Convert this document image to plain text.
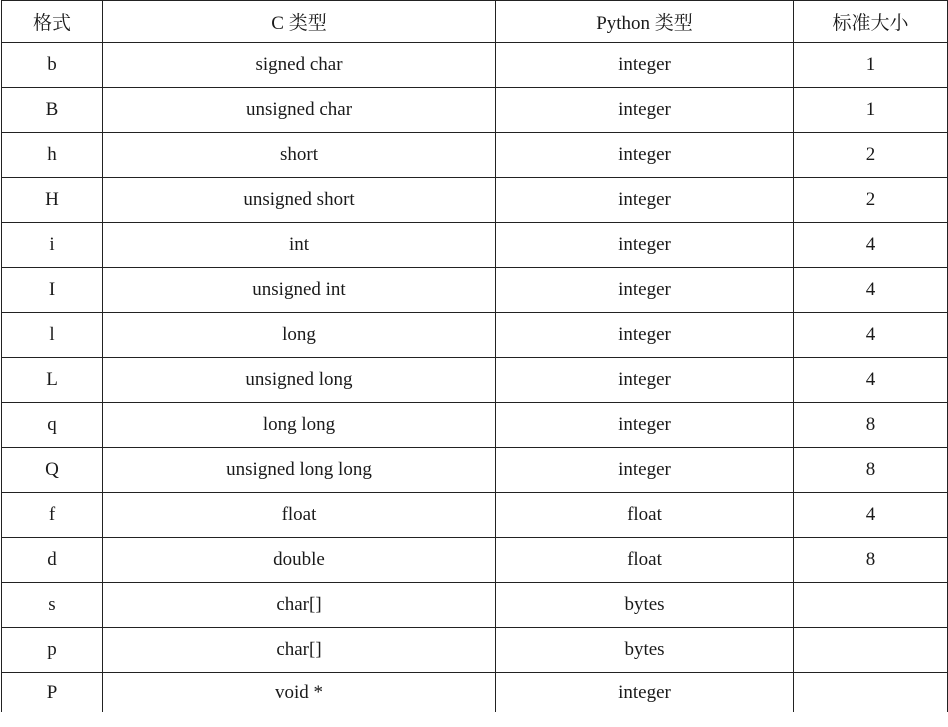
格式	C 类型	Python 类型	标准大小
b	signed char	integer	1
B	unsigned char	integer	1
h	short	integer	2
H	unsigned short	integer	2
i	int	integer	4
I	unsigned int	integer	4
l	long	integer	4
L	unsigned long	integer	4
q	long long	integer	8
Q	unsigned long long	integer	8
f	float	float	4
d	double	float	8
s	char[]	bytes	
p	char[]	bytes	
P	void *	integer	
